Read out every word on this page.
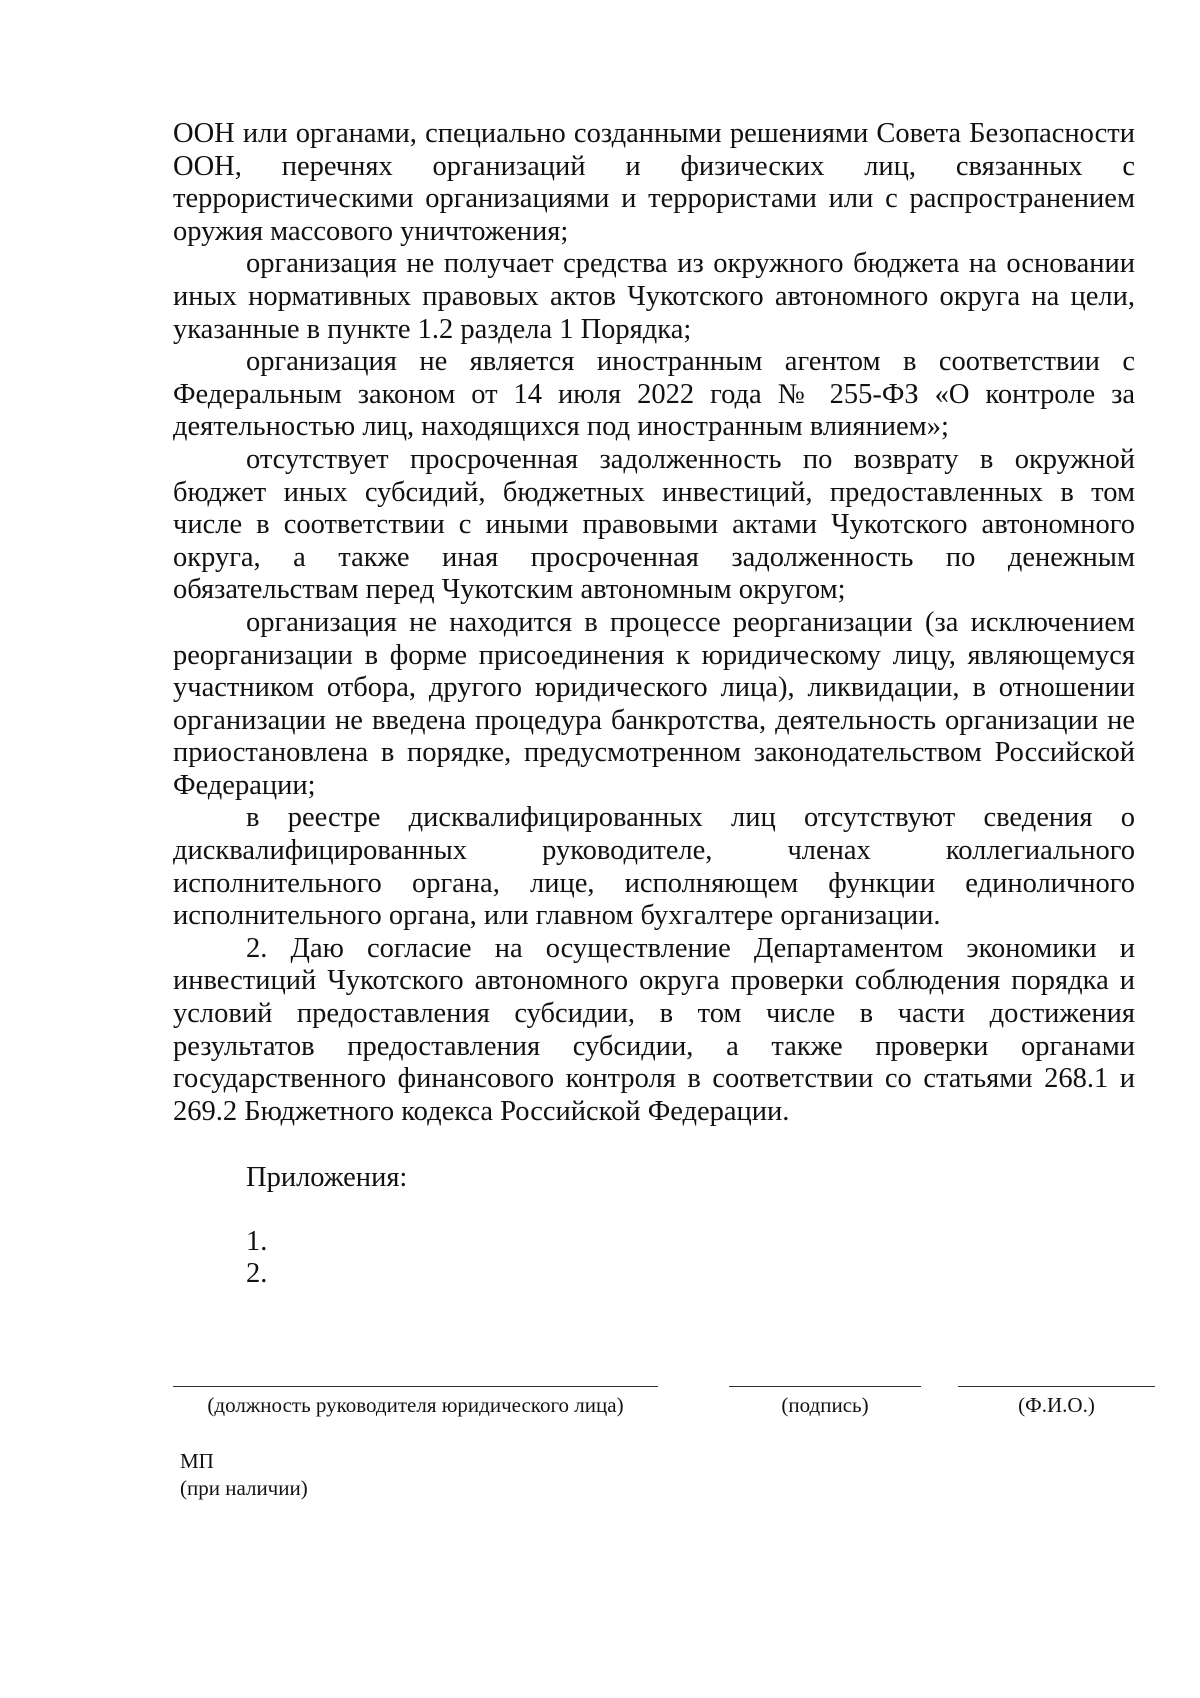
ООН или органами, специально созданными решениями Совета Безопасности ООН, перечнях организаций и физических лиц, связанных с террористическими организациями и террористами или с распространением оружия массового уничтожения;

организация не получает средства из окружного бюджета на основании иных нормативных правовых актов Чукотского автономного округа на цели, указанные в пункте 1.2 раздела 1 Порядка;

организация не является иностранным агентом в соответствии с Федеральным законом от 14 июля 2022 года № 255-ФЗ «О контроле за деятельностью лиц, находящихся под иностранным влиянием»;

отсутствует просроченная задолженность по возврату в окружной бюджет иных субсидий, бюджетных инвестиций, предоставленных в том числе в соответствии с иными правовыми актами Чукотского автономного округа, а также иная просроченная задолженность по денежным обязательствам перед Чукотским автономным округом;

организация не находится в процессе реорганизации (за исключением реорганизации в форме присоединения к юридическому лицу, являющемуся участником отбора, другого юридического лица), ликвидации, в отношении организации не введена процедура банкротства, деятельность организации не приостановлена в порядке, предусмотренном законодательством Российской Федерации;

в реестре дисквалифицированных лиц отсутствуют сведения о дисквалифицированных руководителе, членах коллегиального исполнительного органа, лице, исполняющем функции единоличного исполнительного органа, или главном бухгалтере организации.

2. Даю согласие на осуществление Департаментом экономики и инвестиций Чукотского автономного округа проверки соблюдения порядка и условий предоставления субсидии, в том числе в части достижения результатов предоставления субсидии, а также проверки органами государственного финансового контроля в соответствии со статьями 268.1 и 269.2 Бюджетного кодекса Российской Федерации.

Приложения:

1.

2.

(должность руководителя юридического лица)	(подпись)	(Ф.И.О.)
МП
(при наличии)
